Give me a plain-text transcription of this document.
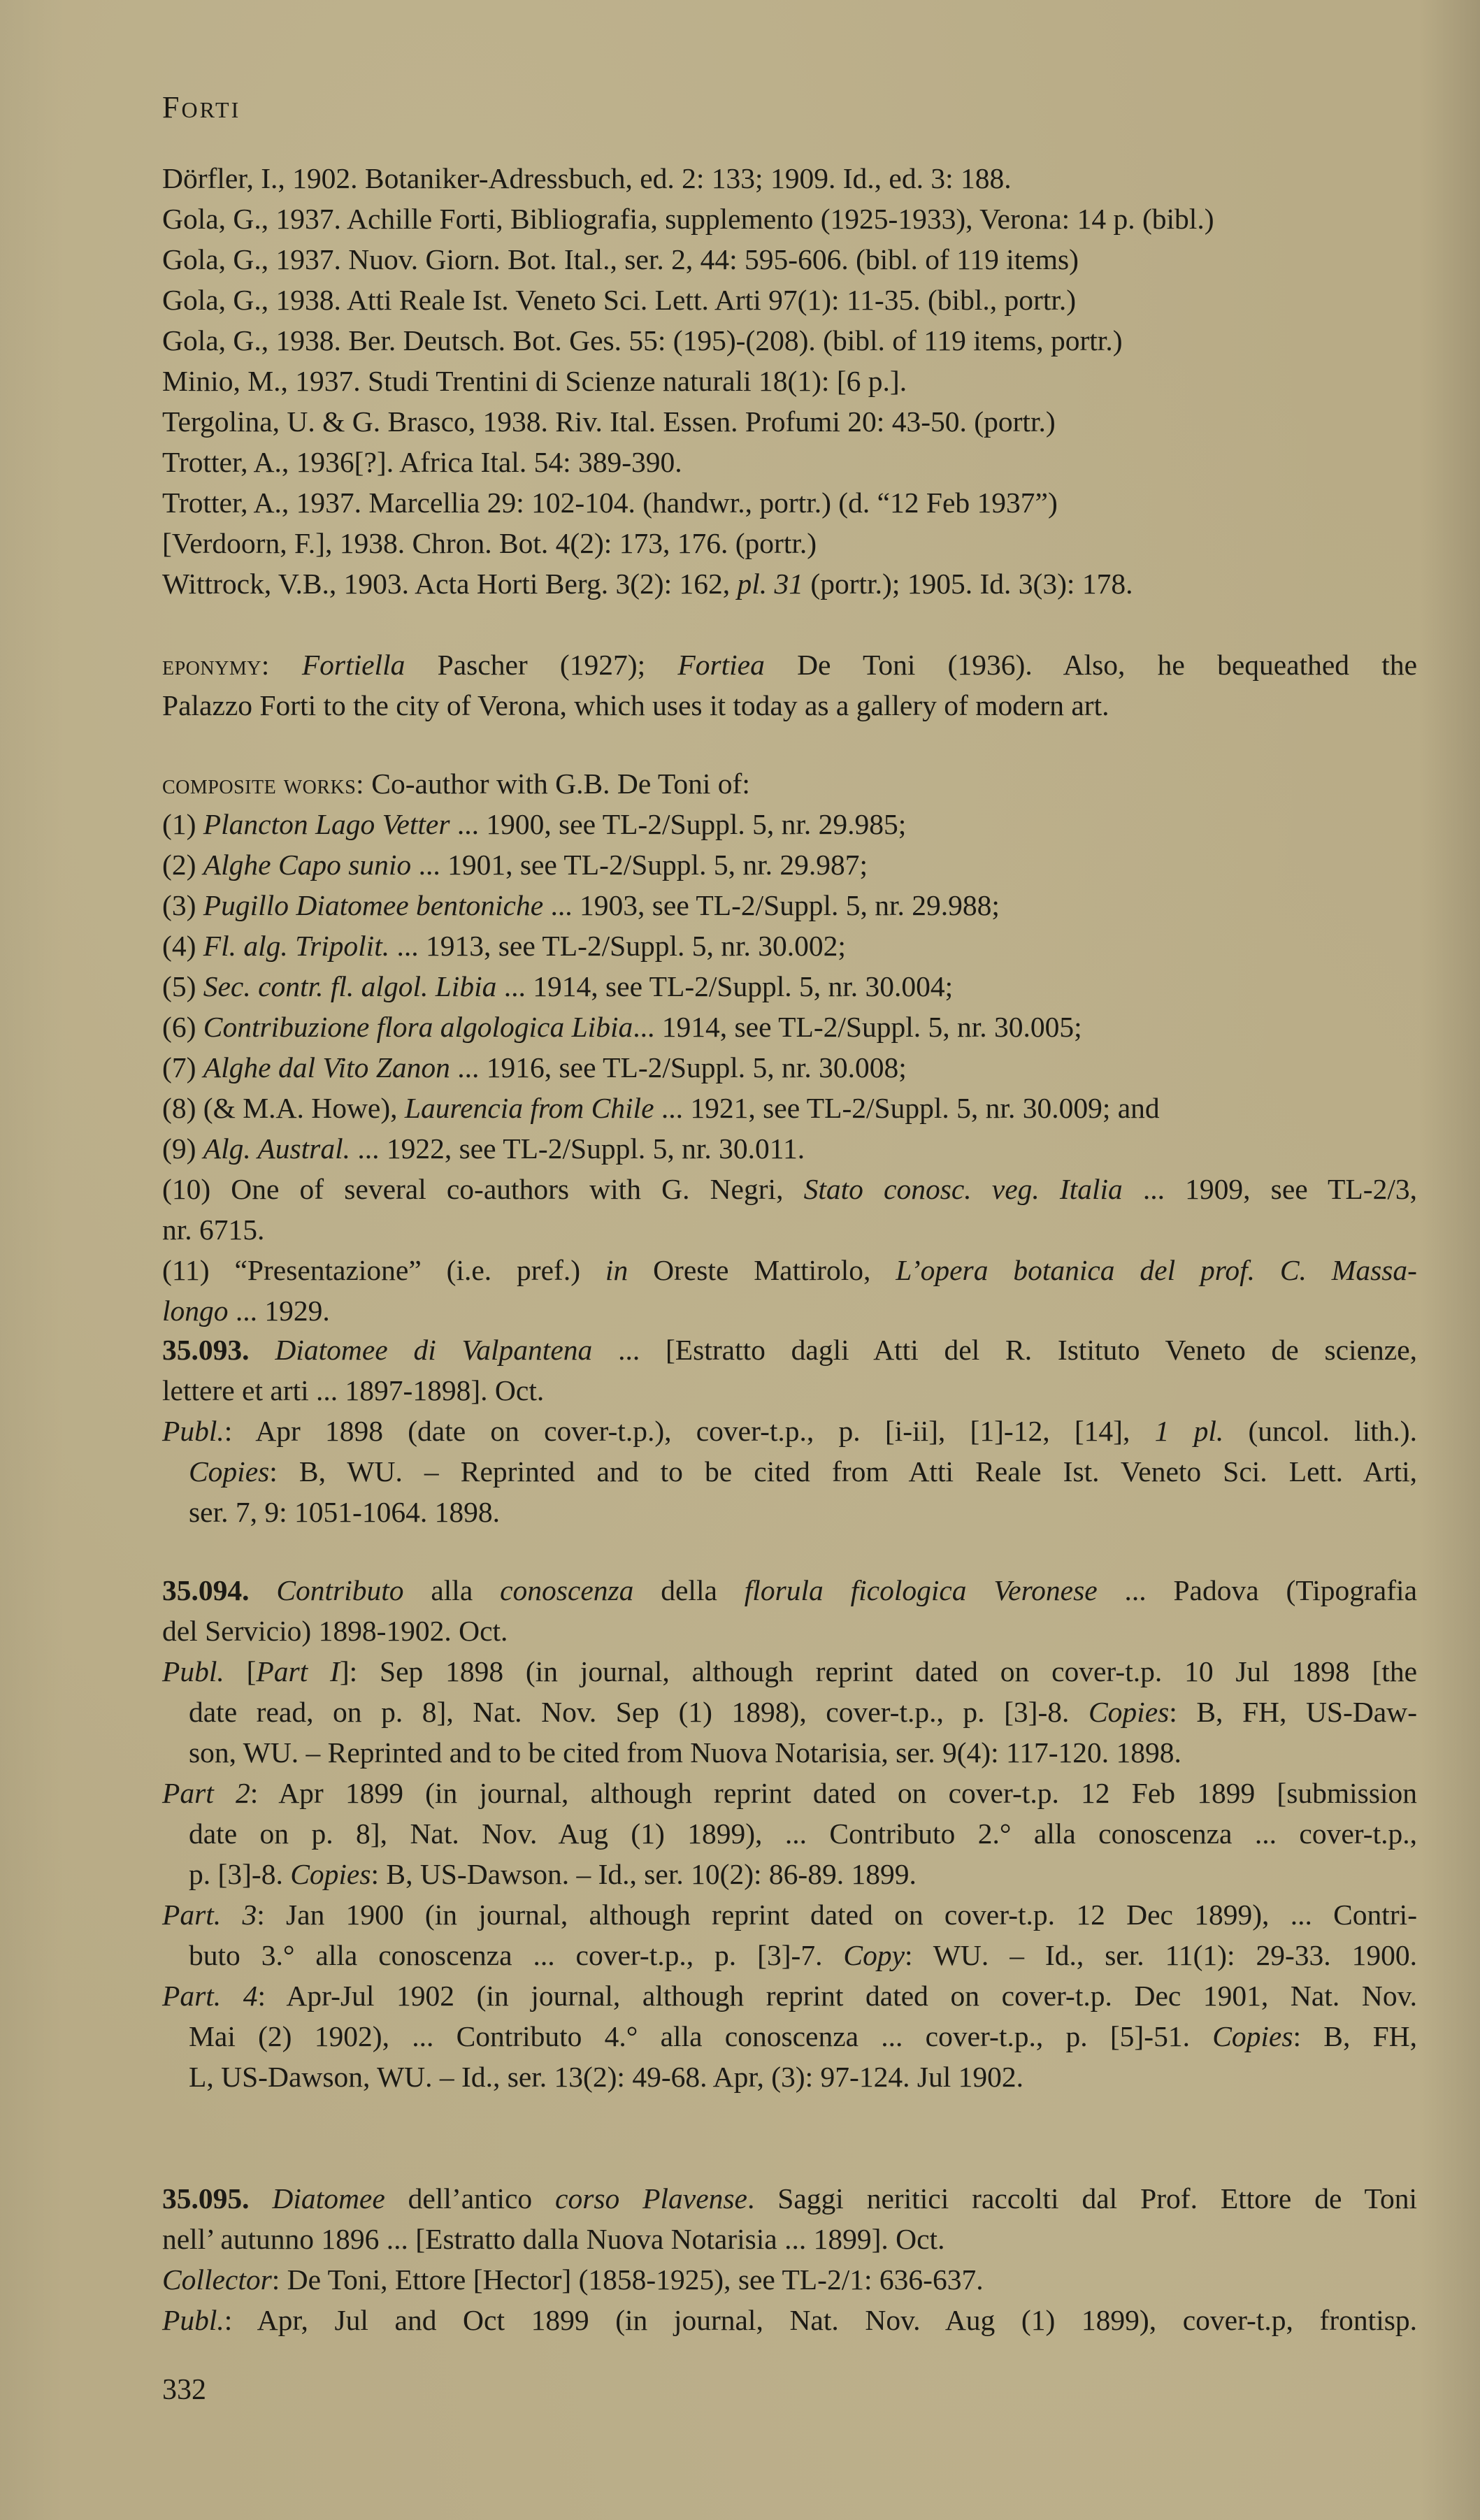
FORTI
Dörfler, I., 1902. Botaniker-Adressbuch, ed. 2: 133; 1909. Id., ed. 3: 188.
Gola, G., 1937. Achille Forti, Bibliografia, supplemento (1925-1933), Verona: 14 p. (bibl.)
Gola, G., 1937. Nuov. Giorn. Bot. Ital., ser. 2, 44: 595-606. (bibl. of 119 items)
Gola, G., 1938. Atti Reale Ist. Veneto Sci. Lett. Arti 97(1): 11-35. (bibl., portr.)
Gola, G., 1938. Ber. Deutsch. Bot. Ges. 55: (195)-(208). (bibl. of 119 items, portr.)
Minio, M., 1937. Studi Trentini di Scienze naturali 18(1): [6 p.].
Tergolina, U. & G. Brasco, 1938. Riv. Ital. Essen. Profumi 20: 43-50. (portr.)
Trotter, A., 1936[?]. Africa Ital. 54: 389-390.
Trotter, A., 1937. Marcellia 29: 102-104. (handwr., portr.) (d. “12 Feb 1937”)
[Verdoorn, F.], 1938. Chron. Bot. 4(2): 173, 176. (portr.)
Wittrock, V.B., 1903. Acta Horti Berg. 3(2): 162, pl. 31 (portr.); 1905. Id. 3(3): 178.
eponymy: Fortiella Pascher (1927); Fortiea De Toni (1936). Also, he bequeathed the
Palazzo Forti to the city of Verona, which uses it today as a gallery of modern art.
composite works: Co-author with G.B. De Toni of:
(1) Plancton Lago Vetter ... 1900, see TL-2/Suppl. 5, nr. 29.985;
(2) Alghe Capo sunio ... 1901, see TL-2/Suppl. 5, nr. 29.987;
(3) Pugillo Diatomee bentoniche ... 1903, see TL-2/Suppl. 5, nr. 29.988;
(4) Fl. alg. Tripolit. ... 1913, see TL-2/Suppl. 5, nr. 30.002;
(5) Sec. contr. fl. algol. Libia ... 1914, see TL-2/Suppl. 5, nr. 30.004;
(6) Contribuzione flora algologica Libia... 1914, see TL-2/Suppl. 5, nr. 30.005;
(7) Alghe dal Vito Zanon ... 1916, see TL-2/Suppl. 5, nr. 30.008;
(8) (& M.A. Howe), Laurencia from Chile ... 1921, see TL-2/Suppl. 5, nr. 30.009; and
(9) Alg. Austral. ... 1922, see TL-2/Suppl. 5, nr. 30.011.
(10) One of several co-authors with G. Negri, Stato conosc. veg. Italia ... 1909, see TL-2/3,
nr. 6715.
(11) “Presentazione” (i.e. pref.) in Oreste Mattirolo, L’opera botanica del prof. C. Massa-
longo ... 1929.
35.093. Diatomee di Valpantena ... [Estratto dagli Atti del R. Istituto Veneto de scienze,
lettere et arti ... 1897-1898]. Oct.
Publ.: Apr 1898 (date on cover-t.p.), cover-t.p., p. [i-ii], [1]-12, [14], 1 pl. (uncol. lith.).
Copies: B, WU. – Reprinted and to be cited from Atti Reale Ist. Veneto Sci. Lett. Arti,
ser. 7, 9: 1051-1064. 1898.
35.094. Contributo alla conoscenza della florula ficologica Veronese ... Padova (Tipografia
del Servicio) 1898-1902. Oct.
Publ. [Part I]: Sep 1898 (in journal, although reprint dated on cover-t.p. 10 Jul 1898 [the
date read, on p. 8], Nat. Nov. Sep (1) 1898), cover-t.p., p. [3]-8. Copies: B, FH, US-Daw-
son, WU. – Reprinted and to be cited from Nuova Notarisia, ser. 9(4): 117-120. 1898.
Part 2: Apr 1899 (in journal, although reprint dated on cover-t.p. 12 Feb 1899 [submission
date on p. 8], Nat. Nov. Aug (1) 1899), ... Contributo 2.° alla conoscenza ... cover-t.p.,
p. [3]-8. Copies: B, US-Dawson. – Id., ser. 10(2): 86-89. 1899.
Part. 3: Jan 1900 (in journal, although reprint dated on cover-t.p. 12 Dec 1899), ... Contri-
buto 3.° alla conoscenza ... cover-t.p., p. [3]-7. Copy: WU. – Id., ser. 11(1): 29-33. 1900.
Part. 4: Apr-Jul 1902 (in journal, although reprint dated on cover-t.p. Dec 1901, Nat. Nov.
Mai (2) 1902), ... Contributo 4.° alla conoscenza ... cover-t.p., p. [5]-51. Copies: B, FH,
L, US-Dawson, WU. – Id., ser. 13(2): 49-68. Apr, (3): 97-124. Jul 1902.
35.095. Diatomee dell’antico corso Plavense. Saggi neritici raccolti dal Prof. Ettore de Toni
nell’ autunno 1896 ... [Estratto dalla Nuova Notarisia ... 1899]. Oct.
Collector: De Toni, Ettore [Hector] (1858-1925), see TL-2/1: 636-637.
Publ.: Apr, Jul and Oct 1899 (in journal, Nat. Nov. Aug (1) 1899), cover-t.p, frontisp.
332
